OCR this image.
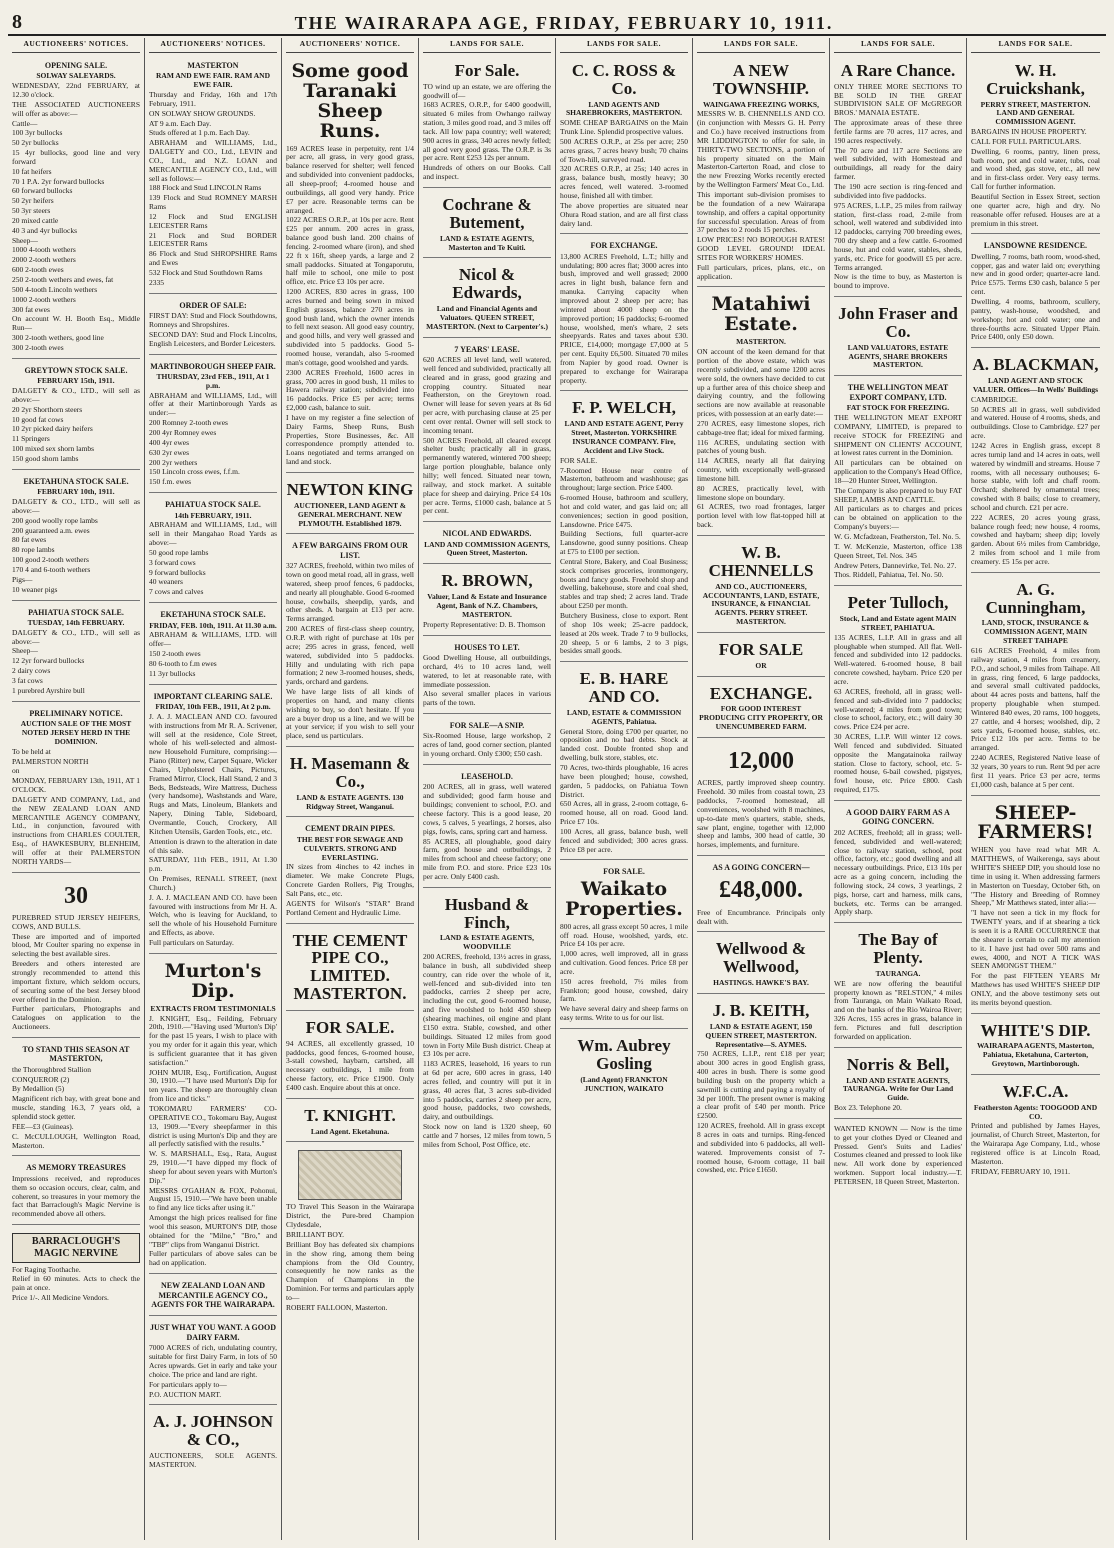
8	THE WAIRARAPA AGE, FRIDAY, FEBRUARY 10, 1911.
AUCTIONEERS' NOTICES.
OPENING SALE.
SOLWAY SALEYARDS.

WEDNESDAY, 22nd FEBRUARY, at 12.30 o'clock.

THE ASSOCIATED AUCTIONEERS will offer as above:—

Cattle—

100 3yr bullocks

50 2yr bullocks

15 4yr bullocks, good line and very forward

10 fat heifers

70 1 P.A. 2yr forward bullocks

60 forward bullocks

50 2yr heifers

50 3yr steers

20 mixed cattle

40 3 and 4yr bullocks

Sheep—

1000 4-tooth wethers

2000 2-tooth wethers

600 2-tooth ewes

250 2-tooth wethers and ewes, fat

500 4-tooth Lincoln wethers

1000 2-tooth wethers

300 fat ewes

On account W. H. Booth Esq., Middle Run—

300 2-tooth wethers, good line

300 2-tooth ewes

GREYTOWN STOCK SALE.
FEBRUARY 15th, 1911.

DALGETY & CO., LTD., will sell as above:—

20 2yr Shorthorn steers

10 good fat cows

10 2yr picked dairy heifers

11 Springers

100 mixed sex shorn lambs

150 good shorn lambs

EKETAHUNA STOCK SALE.
FEBRUARY 10th, 1911.

DALGETY & CO., LTD., will sell as above:—

200 good woolly rope lambs

200 guaranteed a.m. ewes

80 fat ewes

80 rope lambs

100 good 2-tooth wethers

170 4 and 6-tooth wethers

Pigs—

10 weaner pigs

PAHIATUA STOCK SALE.
TUESDAY, 14th FEBRUARY.

DALGETY & CO., LTD., will sell as above:—

Sheep—

12 2yr forward bullocks

2 dairy cows

3 fat cows

1 purebred Ayrshire bull

PRELIMINARY NOTICE.
AUCTION SALE OF THE MOST NOTED JERSEY HERD IN THE DOMINION.

To be held at

PALMERSTON NORTH

on

MONDAY, FEBRUARY 13th, 1911, AT 1 O'CLOCK.

DALGETY AND COMPANY, Ltd., and the NEW ZEALAND LOAN AND MERCANTILE AGENCY COMPANY, Ltd., in conjunction, favoured with instructions from CHARLES COULTER, Esq., of HAWKESBURY, BLENHEIM, will offer at their PALMERSTON NORTH YARDS—

30

PUREBRED STUD JERSEY HEIFERS, COWS, AND BULLS.

These are imported and of imported blood, Mr Coulter sparing no expense in selecting the best available sires.

Breeders and others interested are strongly recommended to attend this important fixture, which seldom occurs, of securing some of the best Jersey blood ever offered in the Dominion.

Further particulars, Photographs and Catalogues on application to the Auctioneers.

TO STAND THIS SEASON AT MASTERTON,

the Thoroughbred Stallion

CONQUEROR (2)

By Medallion (5)

Magnificent rich bay, with great bone and muscle, standing 16.3, 7 years old, a splendid stock getter.

FEE—£3 (Guineas).

C. McCULLOUGH, Wellington Road, Masterton.

AS MEMORY TREASURES

Impressions received, and reproduces them so occasion occurs, clear, calm, and coherent, so treasures in your memory the fact that Barraclough's Magic Nervine is recommended above all others.

BARRACLOUGH'S MAGIC NERVINE

For Raging Toothache.

Relief in 60 minutes. Acts to check the pain at once.

Price 1/-. All Medicine Vendors.

AUCTIONEERS' NOTICES.
MASTERTON
RAM AND EWE FAIR. RAM AND EWE FAIR.

Thursday and Friday, 16th and 17th February, 1911.

ON SOLWAY SHOW GROUNDS.

AT 9 a.m. Each Day.

Studs offered at 1 p.m. Each Day.

ABRAHAM and WILLIAMS, Ltd., DALGETY and CO., Ltd., LEVIN and CO., Ltd., and N.Z. LOAN and MERCANTILE AGENCY CO., Ltd., will sell as follows:—

188 Flock and Stud LINCOLN Rams

139 Flock and Stud ROMNEY MARSH Rams

12 Flock and Stud ENGLISH LEICESTER Rams

21 Flock and Stud BORDER LEICESTER Rams

86 Flock and Stud SHROPSHIRE Rams and Ewes

532 Flock and Stud Southdown Rams

2335

ORDER OF SALE:

FIRST DAY: Stud and Flock Southdowns, Romneys and Shropshires.

SECOND DAY: Stud and Flock Lincolns, English Leicesters, and Border Leicesters.

MARTINBOROUGH SHEEP FAIR.
THURSDAY, 23rd FEB., 1911, At 1 p.m.

ABRAHAM and WILLIAMS, Ltd., will offer at their Martinborough Yards as under:—

200 Romney 2-tooth ewes

200 4yr Romney ewes

400 4yr ewes

630 2yr ewes

200 2yr wethers

150 Lincoln cross ewes, f.f.m.

150 f.m. ewes

PAHIATUA STOCK SALE.
14th FEBRUARY, 1911.

ABRAHAM and WILLIAMS, Ltd., will sell in their Mangahao Road Yards as above:—

50 good rope lambs

3 forward cows

9 forward bullocks

40 weaners

7 cows and calves

EKETAHUNA STOCK SALE.
FRIDAY, FEB. 10th, 1911. At 11.30 a.m.

ABRAHAM & WILLIAMS, LTD. will offer—

150 2-tooth ewes

80 6-tooth to f.m ewes

11 3yr bullocks

IMPORTANT CLEARING SALE.
FRIDAY, 10th FEB., 1911, At 2 p.m.

J. A. J. MACLEAN AND CO. favoured with instructions from Mr R. A. Scrivener, will sell at the residence, Cole Street, whole of his well-selected and almost-new Household Furniture, comprising:—Piano (Ritter) new, Carpet Square, Wicker Chairs, Upholstered Chairs, Pictures, Framed Mirror, Clock, Hall Stand, 2 and 3 Beds, Bedsteads, Wire Mattress, Duchess (very handsome), Washstands and Ware, Rugs and Mats, Linoleum, Blankets and Napery, Dining Table, Sideboard, Overmantle, Couch, Crockery, All Kitchen Utensils, Garden Tools, etc., etc.

Attention is drawn to the alteration in date of this sale.

SATURDAY, 11th FEB., 1911, At 1.30 p.m.

On Premises, RENALL STREET, (next Church.)

J. A. J. MACLEAN AND CO. have been favoured with instructions from Mr H. A. Welch, who is leaving for Auckland, to sell the whole of his Household Furniture and Effects, as above.

Full particulars on Saturday.

Murton's Dip.
EXTRACTS FROM TESTIMONIALS

J. KNIGHT, Esq., Feilding, February 20th, 1910.—"Having used 'Murton's Dip' for the past 15 years, I wish to place with you my order for it again this year, which is sufficient guarantee that it has given satisfaction."

JOHN MUIR, Esq., Fortification, August 30, 1910.—"I have used Murton's Dip for ten years. The sheep are thoroughly clean from lice and ticks."

TOKOMARU FARMERS' CO-OPERATIVE CO., Tokomaru Bay, August 13, 1909.—"Every sheepfarmer in this district is using Murton's Dip and they are all perfectly satisfied with the results."

W. S. MARSHALL, Esq., Rata, August 29, 1910.—"I have dipped my flock of sheep for about seven years with Murton's Dip."

MESSRS O'GAHAN & FOX, Pohonui, August 15, 1910.—"We have been unable to find any lice ticks after using it."

Amongst the high prices realised for fine wool this season, MURTON'S DIP, those obtained for the "Milne," "Bro," and "TBP" clips from Wanganui District.

Fuller particulars of above sales can be had on application.

NEW ZEALAND LOAN AND MERCANTILE AGENCY CO., AGENTS FOR THE WAIRARAPA.
JUST WHAT YOU WANT. A GOOD DAIRY FARM.

7000 ACRES of rich, undulating country, suitable for first Dairy Farm, in lots of 50 Acres upwards. Get in early and take your choice. The price and land are right.

For particulars apply to—

P.O. AUCTION MART.

A. J. JOHNSON & CO.,

AUCTIONEERS, SOLE AGENTS. MASTERTON.

AUCTIONEERS' NOTICE.
Some good Taranaki Sheep Runs.

169 ACRES lease in perpetuity, rent 1/4 per acre, all grass, in very good grass, balance reserved for shelter; well fenced and subdivided into convenient paddocks, all sheep-proof; 4-roomed house and outbuildings, all good very handy. Price £7 per acre. Reasonable terms can be arranged.

1022 ACRES O.R.P., at 10s per acre. Rent £25 per annum. 200 acres in grass, balance good bush land. 200 chains of fencing. 2-roomed whare (iron), and shed 22 ft x 16ft, sheep yards, a large and 2 small paddocks. Situated at Tongaporutu, half mile to school, one mile to post office, etc. Price £3 10s per acre.

1200 ACRES, 830 acres in grass, 100 acres burned and being sown in mixed English grasses, balance 270 acres in good bush land, which the owner intends to fell next season. All good easy country, and good hills, and very well grassed and subdivided into 5 paddocks. Good 5-roomed house, verandah, also 5-roomed man's cottage, good woolshed and yards.

2300 ACRES Freehold, 1600 acres in grass, 700 acres in good bush, 11 miles to Hawera railway station; subdivided into 16 paddocks. Price £5 per acre; terms £2,000 cash, balance to suit.

I have on my register a fine selection of Dairy Farms, Sheep Runs, Bush Properties, Store Businesses, &c. All correspondence promptly attended to. Loans negotiated and terms arranged on land and stock.

NEWTON KING
AUCTIONEER, LAND AGENT & GENERAL MERCHANT. NEW PLYMOUTH. Established 1879.
A FEW BARGAINS FROM OUR LIST.

327 ACRES, freehold, within two miles of town on good metal road, all in grass, well watered, sheep proof fences, 6 paddocks, and nearly all ploughable. Good 6-roomed house, cowbails, sheepdip, yards, and other sheds. A bargain at £13 per acre. Terms arranged.

200 ACRES of first-class sheep country, O.R.P. with right of purchase at 10s per acre; 295 acres in grass, fenced, well watered, subdivided into 5 paddocks. Hilly and undulating with rich papa formation; 2 new 3-roomed houses, sheds, yards, orchard and gardens.

We have large lists of all kinds of properties on hand, and many clients wishing to buy, so don't hesitate. If you are a buyer drop us a line, and we will be at your service; if you wish to sell your place, send us particulars.

H. Masemann & Co.,
LAND & ESTATE AGENTS. 130 Ridgway Street, Wanganui.
CEMENT DRAIN PIPES.
THE BEST FOR SEWAGE AND CULVERTS. STRONG AND EVERLASTING.

IN sizes from 4inches to 42 inches in diameter. We make Concrete Plugs, Concrete Garden Rollers, Pig Troughs, Salt Pans, etc., etc.

AGENTS for Wilson's "STAR" Brand Portland Cement and Hydraulic Lime.

THE CEMENT PIPE CO., LIMITED. MASTERTON.
FOR SALE.

94 ACRES, all excellently grassed, 10 paddocks, good fences, 6-roomed house, 3-stall cowshed, haybarn, cartshed, all necessary outbuildings, 1 mile from cheese factory, etc. Price £1900. Only £400 cash. Enquire about this at once.

T. KNIGHT.
Land Agent. Eketahuna.

TO Travel This Season in the Wairarapa District, the Pure-bred Champion Clydesdale,

BRILLIANT BOY.

Brilliant Boy has defeated six champions in the show ring, among them being champions from the Old Country, consequently he now ranks as the Champion of Champions in the Dominion. For terms and particulars apply to—

ROBERT FALLOON, Masterton.

LANDS FOR SALE.
For Sale.

TO wind up an estate, we are offering the goodwill of—

1683 ACRES, O.R.P., for £400 goodwill, situated 6 miles from Owhango railway station, 3 miles good road, and 3 miles off tack. All low papa country; well watered; 900 acres in grass, 340 acres newly felled; all good very good grass. The O.R.P. is 3s per acre. Rent £253 12s per annum.

Hundreds of others on our Books. Call and inspect.

Cochrane & Butement,
LAND & ESTATE AGENTS, Masterton and Te Kuiti.
Nicol & Edwards,
Land and Financial Agents and Valuators. QUEEN STREET, MASTERTON. (Next to Carpenter's.)
7 YEARS' LEASE.

620 ACRES all level land, well watered, well fenced and subdivided, practically all cleared and in grass, good grazing and cropping country. Situated near Featherston, on the Greytown road. Owner will lease for seven years at 8s 6d per acre, with purchasing clause at 25 per cent over rental. Owner will sell stock to incoming tenant.

500 ACRES Freehold, all cleared except shelter bush; practically all in grass, permanently watered, wintered 700 sheep; large portion ploughable, balance only hilly; well fenced. Situated near town, railway, and stock market. A suitable place for sheep and dairying. Price £4 10s per acre. Terms, £1000 cash, balance at 5 per cent.

NICOL AND EDWARDS.
LAND AND COMMISSION AGENTS, Queen Street, Masterton.
R. BROWN,
Valuer, Land & Estate and Insurance Agent, Bank of N.Z. Chambers, MASTERTON.

Property Representative: D. B. Thomson

HOUSES TO LET.

Good Dwelling House, all outbuildings, orchard, 4½ to 10 acres land, well watered, to let at reasonable rate, with immediate possession.

Also several smaller places in various parts of the town.

FOR SALE—A SNIP.

Six-Roomed House, large workshop, 2 acres of land, good corner section, planted in young orchard. Only £300; £50 cash.

LEASEHOLD.

200 ACRES, all in grass, well watered and subdivided; good farm house and buildings; convenient to school, P.O. and cheese factory. This is a good lease, 20 cows, 5 calves, 5 yearlings, 2 horses, also pigs, fowls, cans, spring cart and harness.

85 ACRES, all ploughable, good dairy farm, good house and outbuildings, 2 miles from school and cheese factory; one mile from P.O. and store. Price £23 10s per acre. Only £400 cash.

Husband & Finch,
LAND & ESTATE AGENTS, WOODVILLE

200 ACRES, freehold, 13½ acres in grass, balance in bush, all subdivided sheep country, can ride over the whole of it, well-fenced and sub-divided into ten paddocks, carries 2 sheep per acre, including the cut, good 6-roomed house, and five woolshed to hold 450 sheep (shearing machines, oil engine and plant £150 extra. Stable, cowshed, and other buildings. Situated 12 miles from good town in Forty Mile Bush district. Cheap at £3 10s per acre.

1183 ACRES, leasehold, 16 years to run at 6d per acre, 600 acres in grass, 140 acres felled, and country will put it in grass, 40 acres flat, 3 acres sub-divided into 5 paddocks, carries 2 sheep per acre, good house, paddocks, two cowsheds, dairy, and outbuildings.

Stock now on land is 1320 sheep, 60 cattle and 7 horses, 12 miles from town, 5 miles from School, Post Office, etc.

LANDS FOR SALE.
C. C. ROSS & Co.
LAND AGENTS AND SHAREBROKERS, MASTERTON.

SOME CHEAP BARGAINS on the Main Trunk Line. Splendid prospective values.

500 ACRES O.R.P., at 25s per acre; 250 acres grass, 7 acres heavy bush; 70 chains of Town-hill, surveyed road.

320 ACRES O.R.P., at 25s; 140 acres in grass, balance bush, mostly heavy; 30 acres fenced, well watered. 3-roomed house, finished all with timber.

The above properties are situated near Ohura Road station, and are all first class dairy land.

FOR EXCHANGE.

13,800 ACRES Freehold, L.T.; hilly and undulating; 800 acres flat; 3000 acres into bush, improved and well grassed; 2000 acres in light bush, balance fern and manuka. Carrying capacity when improved about 2 sheep per acre; has wintered about 4000 sheep on the improved portion; 16 paddocks; 6-roomed house, woolshed, men's whare, 2 sets sheepyards. Rates and taxes about £30. PRICE, £14,000; mortgage £7,000 at 5 per cent. Equity £6,500. Situated 70 miles from Napier by good road. Owner is prepared to exchange for Wairarapa property.

F. P. WELCH,
LAND AND ESTATE AGENT, Perry Street, Masterton. YORKSHIRE INSURANCE COMPANY. Fire, Accident and Live Stock.

FOR SALE.

7-Roomed House near centre of Masterton, bathroom and washhouse; gas throughout; large section. Price £400.

6-roomed House, bathroom and scullery, hot and cold water, and gas laid on; all conveniences; section in good position, Lansdowne. Price £475.

Building Sections, full quarter-acre Lansdowne, good sunny positions. Cheap at £75 to £100 per section.

Central Store, Bakery, and Coal Business; stock comprises groceries, ironmongery, boots and fancy goods. Freehold shop and dwelling, bakehouse, store and coal shed, stables and trap shed; 2 acres land. Trade about £250 per month.

Butchery Business, close to export. Rent of shop 10s week; 25-acre paddock, leased at 20s week. Trade 7 to 9 bullocks, 20 sheep, 5 or 6 lambs, 2 to 3 pigs, besides small goods.

E. B. HARE AND CO.
LAND, ESTATE & COMMISSION AGENTS, Pahiatua.

General Store, doing £700 per quarter, no opposition and no bad debts. Stock at landed cost. Double fronted shop and dwelling, bulk store, stables, etc.

70 Acres, two-thirds ploughable, 16 acres have been ploughed; house, cowshed, garden, 5 paddocks, on Pahiatua Town District.

650 Acres, all in grass, 2-room cottage, 6-roomed house, all on road. Good land. Price £7 10s.

100 Acres, all grass, balance bush, well fenced and subdivided; 300 acres grass. Price £8 per acre.

FOR SALE.
Waikato Properties.

800 acres, all grass except 50 acres, 1 mile off road. House, woolshed, yards, etc. Price £4 10s per acre.

1,000 acres, well improved, all in grass and cultivation. Good fences. Price £8 per acre.

150 acres freehold, 7½ miles from Frankton; good house, cowshed, dairy farm.

We have several dairy and sheep farms on easy terms. Write to us for our list.

Wm. Aubrey Gosling
(Land Agent) FRANKTON JUNCTION, WAIKATO
LANDS FOR SALE.
A NEW TOWNSHIP.
WAINGAWA FREEZING WORKS,

MESSRS W. B. CHENNELLS AND CO. (in conjunction with Messrs G. H. Perry and Co.) have received instructions from MR LIDDINGTON to offer for sale, in THIRTY-TWO SECTIONS, a portion of his property situated on the Main Masterton-Carterton Road, and close to the new Freezing Works recently erected by the Wellington Farmers' Meat Co., Ltd.

This important sub-division promises to be the foundation of a new Wairarapa township, and offers a capital opportunity for successful speculation. Areas of from 37 perches to 2 roods 15 perches.

LOW PRICES! NO BOROUGH RATES! GOOD LEVEL GROUND! IDEAL SITES FOR WORKERS' HOMES.

Full particulars, prices, plans, etc., on application.

Matahiwi Estate.
MASTERTON.

ON account of the keen demand for that portion of the above estate, which was recently subdivided, and some 1200 acres were sold, the owners have decided to cut up a further area of this choice sheep and dairying country, and the following sections are now available at reasonable prices, with possession at an early date:—

270 ACRES, easy limestone slopes, rich cabbage-tree flat; ideal for mixed farming.

116 ACRES, undulating section with patches of young bush.

114 ACRES, nearly all flat dairying country, with exceptionally well-grassed limestone hill.

80 ACRES, practically level, with limestone slope on boundary.

61 ACRES, two road frontages, larger portion level with low flat-topped hill at back.

W. B. CHENNELLS
AND CO., AUCTIONEERS, ACCOUNTANTS, LAND, ESTATE, INSURANCE, & FINANCIAL AGENTS. PERRY STREET. MASTERTON.
FOR SALE
OR
EXCHANGE.
FOR GOOD INTEREST PRODUCING CITY PROPERTY, OR UNENCUMBERED FARM.
12,000

ACRES, partly improved sheep country. Freehold. 30 miles from coastal town, 23 paddocks, 7-roomed homestead, all conveniences, woolshed with 8 machines, up-to-date men's quarters, stable, sheds, saw plant, engine, together with 12,000 sheep and lambs, 300 head of cattle, 30 horses, implements, and furniture.

AS A GOING CONCERN—
£48,000.

Free of Encumbrance. Principals only dealt with.

Wellwood & Wellwood,
HASTINGS. HAWKE'S BAY.
J. B. KEITH,
LAND & ESTATE AGENT, 150 QUEEN STREET, MASTERTON. Representative—S. AYMES.

750 ACRES, L.I.P., rent £18 per year; about 300 acres in good English grass, 400 acres in bush. There is some good building bush on the property which a sawmill is cutting and paying a royalty of 3d per 100ft. The present owner is making a clear profit of £40 per month. Price £2500.

120 ACRES, freehold. All in grass except 8 acres in oats and turnips. Ring-fenced and subdivided into 6 paddocks, all well-watered. Improvements consist of 7-roomed house, 6-room cottage, 11 bail cowshed, etc. Price £1650.

LANDS FOR SALE.
A Rare Chance.

ONLY THREE MORE SECTIONS TO BE SOLD IN THE GREAT SUBDIVISION SALE OF McGREGOR BROS.' MANAIA ESTATE.

The approximate areas of these three fertile farms are 70 acres, 117 acres, and 190 acres respectively.

The 70 acre and 117 acre Sections are well subdivided, with Homestead and outbuildings, all ready for the dairy farmer.

The 190 acre section is ring-fenced and subdivided into five paddocks.

975 ACRES, L.I.P., 25 miles from railway station, first-class road, 2-mile from school, well watered and subdivided into 12 paddocks, carrying 700 breeding ewes, 700 dry sheep and a few cattle. 6-roomed house, hut and cold water, stables, sheds, yards, etc. Price for goodwill £5 per acre. Terms arranged.

Now is the time to buy, as Masterton is bound to improve.

John Fraser and Co.
LAND VALUATORS, ESTATE AGENTS, SHARE BROKERS MASTERTON.
THE WELLINGTON MEAT EXPORT COMPANY, LTD.
FAT STOCK FOR FREEZING.

THE WELLINGTON MEAT EXPORT COMPANY, LIMITED, is prepared to receive STOCK for FREEZING and SHIPMENT ON CLIENTS' ACCOUNT, at lowest rates current in the Dominion.

All particulars can be obtained on application to the Company's Head Office, 18—20 Hunter Street, Wellington.

The Company is also prepared to buy FAT SHEEP, LAMBS AND CATTLE.

All particulars as to charges and prices can be obtained on application to the Company's buyers:—

W. G. Mcfadzean, Featherston, Tel. No. 5.

T. W. McKenzie, Masterton, office 138 Queen Street, Tel. Nos. 345

Andrew Peters, Dannevirke, Tel. No. 27.

Thos. Riddell, Pahiatua, Tel. No. 50.

Peter Tulloch,
Stock, Land and Estate agent MAIN STREET, PAHIATUA.

135 ACRES, L.I.P. All in grass and all ploughable when stumped. All flat. Well-fenced and subdivided into 12 paddocks. Well-watered. 6-roomed house, 8 bail concrete cowshed, haybarn. Price £20 per acre.

63 ACRES, freehold, all in grass; well-fenced and sub-divided into 7 paddocks; well-watered; 4 miles from good town; close to school, factory, etc.; will dairy 30 cows. Price £24 per acre.

30 ACRES, L.I.P. Will winter 12 cows. Well fenced and subdivided. Situated opposite the Mangatainoka railway station. Close to factory, school, etc. 5-roomed house, 6-bail cowshed, pigstyes, fowl house, etc. Price £800. Cash required, £175.

A GOOD DAIRY FARM AS A GOING CONCERN.

202 ACRES, freehold; all in grass; well-fenced, subdivided and well-watered; close to railway station, school, post office, factory, etc.; good dwelling and all necessary outbuildings. Price, £13 10s per acre as a going concern, including the following stock, 24 cows, 3 yearlings, 2 pigs, horse, cart and harness, milk cans, buckets, etc. Terms can be arranged. Apply sharp.

The Bay of Plenty.
TAURANGA.

WE are now offering the beautiful property known as "RELSTON," 4 miles from Tauranga, on Main Waikato Road, and on the banks of the Rio Wairoa River; 326 Acres, 155 acres in grass, balance in fern. Pictures and full description forwarded on application.

Norris & Bell,
LAND AND ESTATE AGENTS, TAURANGA. Write for Our Land Guide.

Box 23. Telephone 20.

WANTED KNOWN — Now is the time to get your clothes Dyed or Cleaned and Pressed. Gent's Suits and Ladies' Costumes cleaned and pressed to look like new. All work done by experienced workmen. Support local industry.—T. PETERSEN, 18 Queen Street, Masterton.

LANDS FOR SALE.
W. H. Cruickshank,
PERRY STREET, MASTERTON. LAND AND GENERAL COMMISSION AGENT.

BARGAINS IN HOUSE PROPERTY.

CALL FOR FULL PARTICULARS.

Dwelling, 6 rooms, pantry, linen press, bath room, pot and cold water, tubs, coal and wood shed, gas stove, etc., all new and in first-class order. Very easy terms. Call for further information.

Beautiful Section in Essex Street, section one quarter acre, high and dry. No reasonable offer refused. Houses are at a premium in this street.

LANSDOWNE RESIDENCE.

Dwelling, 7 rooms, bath room, wood-shed, copper, gas and water laid on; everything new and in good order; quarter-acre land. Price £575. Terms £30 cash, balance 5 per cent.

Dwelling, 4 rooms, bathroom, scullery, pantry, wash-house, woodshed, and workshop; hot and cold water; one and three-fourths acre. Situated Upper Plain. Price £400, only £50 down.

A. BLACKMAN,
LAND AGENT AND STOCK VALUER. Offices—In Wells' Buildings

CAMBRIDGE.

50 ACRES all in grass, well subdivided and watered. House of 4 rooms, sheds, and outbuildings. Close to Cambridge. £27 per acre.

1242 Acres in English grass, except 8 acres turnip land and 14 acres in oats, well watered by windmill and streams. House 7 rooms, with all necessary outhouses; 6-horse stable, with loft and chaff room. Orchard; sheltered by ornamental trees; cowshed with 8 bails; close to creamery, school and church. £21 per acre.

222 ACRES, 20 acres young grass, balance rough feed; new house, 4 rooms, cowshed and haybarn; sheep dip; lovely garden. About 6½ miles from Cambridge, 2 miles from school and 1 mile from creamery. £5 15s per acre.

A. G. Cunningham,
LAND, STOCK, INSURANCE & COMMISSION AGENT, MAIN STREET TAIHAPE

616 ACRES Freehold, 4 miles from railway station, 4 miles from creamery, P.O., and school, 9 miles from Taihape. All in grass, ring fenced, 6 large paddocks, and several small cultivated paddocks, about 44 acres posts and battens, half the property ploughable when stumped. Wintered 840 ewes, 20 rams, 100 hoggets, 27 cattle, and 4 horses; woolshed, dip, 2 sets yards, 6-roomed house, stables, etc. Price £12 10s per acre. Terms to be arranged.

2240 ACRES, Registered Native lease of 32 years, 30 years to run. Rent 9d per acre first 11 years. Price £3 per acre, terms £1,000 cash, balance at 5 per cent.

SHEEP-FARMERS!

WHEN you have read what MR A. MATTHEWS, of Waikerenga, says about WHITE'S SHEEP DIP, you should lose no time in using it. When addressing farmers in Masterton on Tuesday, October 6th, on "The History and Breeding of Romney Sheep," Mr Matthews stated, inter alia:—

"I have not seen a tick in my flock for TWENTY years, and if at shearing a tick is seen it is a RARE OCCURRENCE that the shearer is certain to call my attention to it. I have just had over 500 rams and ewes, 4000, and NOT A TICK WAS SEEN AMONGST THEM."

For the past FIFTEEN YEARS Mr Matthews has used WHITE'S SHEEP DIP ONLY, and the above testimony sets out its merits beyond question.

WHITE'S DIP.
WAIRARAPA AGENTS, Masterton, Pahiatua, Eketahuna, Carterton, Greytown, Martinborough.
W.F.C.A.
Featherston Agents: TOOGOOD AND CO.

Printed and published by James Hayes, journalist, of Church Street, Masterton, for the Wairarapa Age Company, Ltd., whose registered office is at Lincoln Road, Masterton.

FRIDAY, FEBRUARY 10, 1911.
